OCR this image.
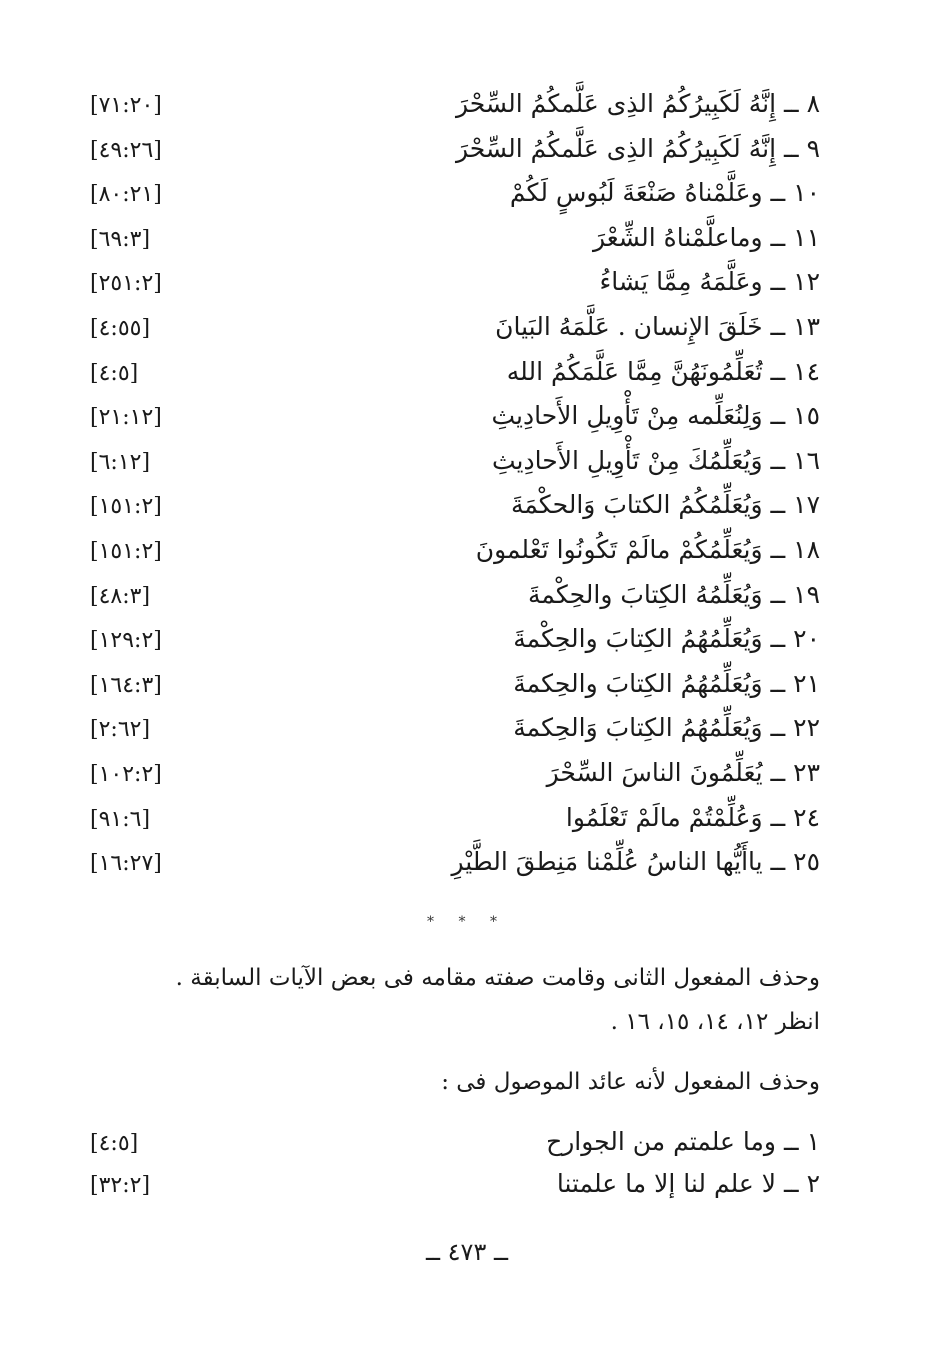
٨ ــ إِنَّهُ لَكَبِيرُكُمُ الذِى عَلَّمكُمُ السِّحْرَ
[٧١:٢٠]
٩ ــ إِنَّهُ لَكَبِيرُكُمُ الذِى عَلَّمكُمُ السِّحْرَ
[٤٩:٢٦]
١٠ ــ وعَلَّمْناهُ صَنْعَةَ لَبُوسٍ لَكُمْ
[٨٠:٢١]
١١ ــ وماعلَّمْناهُ الشِّعْرَ
[٦٩:٣]
١٢ ــ وعَلَّمَهُ مِمَّا يَشاءُ
[٢٥١:٢]
١٣ ــ خَلَقَ الإِنسان . عَلَّمَهُ البَيانَ
[٤:٥٥]
١٤ ــ تُعَلِّمُونَهُنَّ مِمَّا عَلَّمَكُمُ الله
[٤:٥]
١٥ ــ وَلِنُعَلِّمه مِنْ تَأْوِيلِ الأَحادِيثِ
[٢١:١٢]
١٦ ــ وَيُعَلِّمُكَ مِنْ تَأْوِيلِ الأَحادِيثِ
[٦:١٢]
١٧ ــ وَيُعَلِّمُكُمُ الكتابَ وَالحكْمَةَ
[١٥١:٢]
١٨ ــ وَيُعَلِّمُكُمْ مالَمْ تَكُونُوا تَعْلمونَ
[١٥١:٢]
١٩ ــ وَيُعَلِّمُهُ الكِتابَ والحِكْمةَ
[٤٨:٣]
٢٠ ــ وَيُعَلِّمُهُمُ الكِتابَ والحِكْمةَ
[١٢٩:٢]
٢١ ــ وَيُعَلِّمُهُمُ الكِتابَ والحِكمةَ
[١٦٤:٣]
٢٢ ــ وَيُعَلِّمُهُمُ الكِتابَ وَالحِكمةَ
[٢:٦٢]
٢٣ ــ يُعَلِّمُونَ الناسَ السِّحْرَ
[١٠٢:٢]
٢٤ ــ وَعُلِّمْتُمْ مالَمْ تَعْلَمُوا
[٩١:٦]
٢٥ ــ ياأَيُّها الناسُ عُلِّمْنا مَنِطقَ الطَّيْرِ
[١٦:٢٧]
* * *
وحذف المفعول الثانى وقامت صفته مقامه فى بعض الآيات السابقة .
انظر ١٢، ١٤، ١٥، ١٦ .
وحذف المفعول لأنه عائد الموصول فى :
١ ــ وما علمتم من الجوارح
[٤:٥]
٢ ــ لا علم لنا إلا ما علمتنا
[٣٢:٢]
ــ ٤٧٣ ــ
